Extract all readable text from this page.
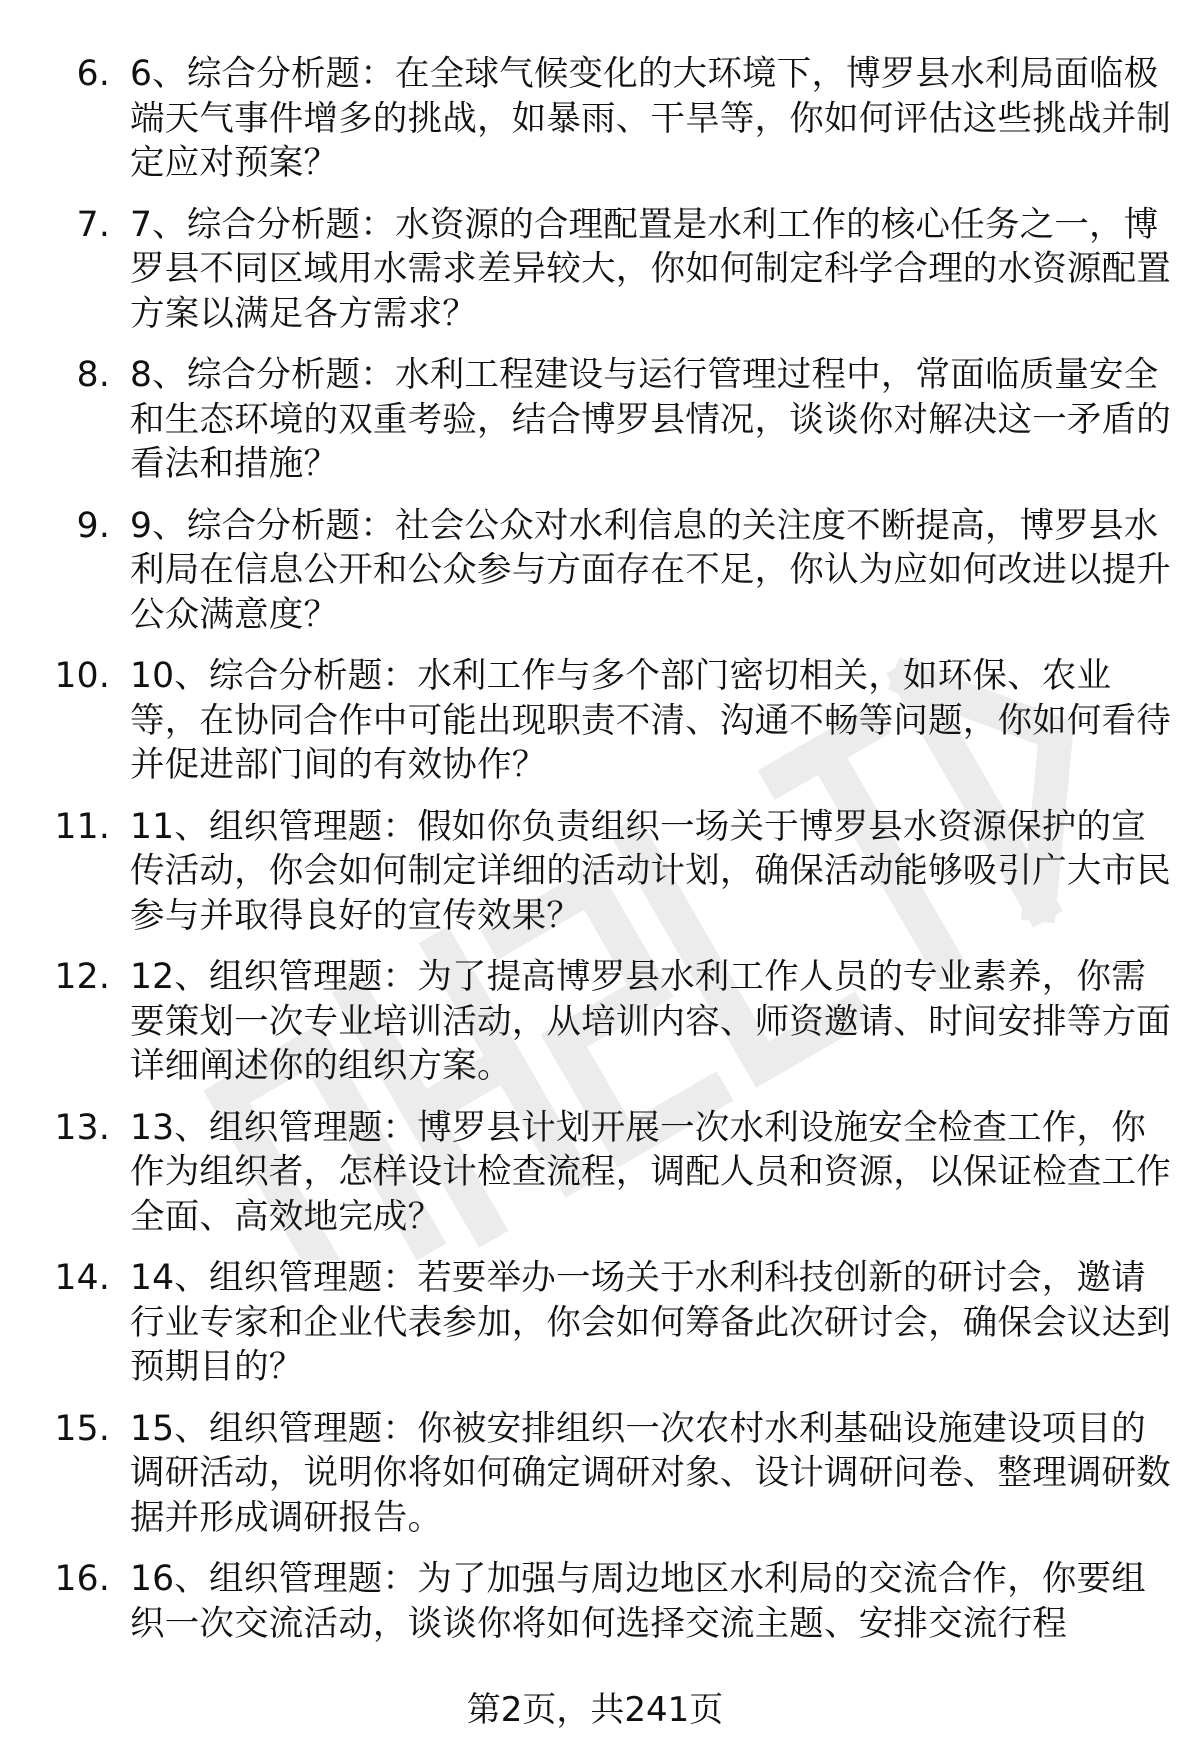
6. 6、综合分析题：在全球气候变化的大环境下，博罗县水利局面临极端天气事件增多的挑战，如暴雨、干旱等，你如何评估这些挑战并制定应对预案？
7. 7、综合分析题：水资源的合理配置是水利工作的核心任务之一，博罗县不同区域用水需求差异较大，你如何制定科学合理的水资源配置方案以满足各方需求？
8. 8、综合分析题：水利工程建设与运行管理过程中，常面临质量安全和生态环境的双重考验，结合博罗县情况，谈谈你对解决这一矛盾的看法和措施？
9. 9、综合分析题：社会公众对水利信息的关注度不断提高，博罗县水利局在信息公开和公众参与方面存在不足，你认为应如何改进以提升公众满意度？
10. 10、综合分析题：水利工作与多个部门密切相关，如环保、农业等，在协同合作中可能出现职责不清、沟通不畅等问题，你如何看待并促进部门间的有效协作？
11. 11、组织管理题：假如你负责组织一场关于博罗县水资源保护的宣传活动，你会如何制定详细的活动计划，确保活动能够吸引广大市民参与并取得良好的宣传效果？
12. 12、组织管理题：为了提高博罗县水利工作人员的专业素养，你需要策划一次专业培训活动，从培训内容、师资邀请、时间安排等方面详细阐述你的组织方案。
13. 13、组织管理题：博罗县计划开展一次水利设施安全检查工作，你作为组织者，怎样设计检查流程，调配人员和资源，以保证检查工作全面、高效地完成？
14. 14、组织管理题：若要举办一场关于水利科技创新的研讨会，邀请行业专家和企业代表参加，你会如何筹备此次研讨会，确保会议达到预期目的？
15. 15、组织管理题：你被安排组织一次农村水利基础设施建设项目的调研活动，说明你将如何确定调研对象、设计调研问卷、整理调研数据并形成调研报告。
16. 16、组织管理题：为了加强与周边地区水利局的交流合作，你要组织一次交流活动，谈谈你将如何选择交流主题、安排交流行程
第2页，共241页
